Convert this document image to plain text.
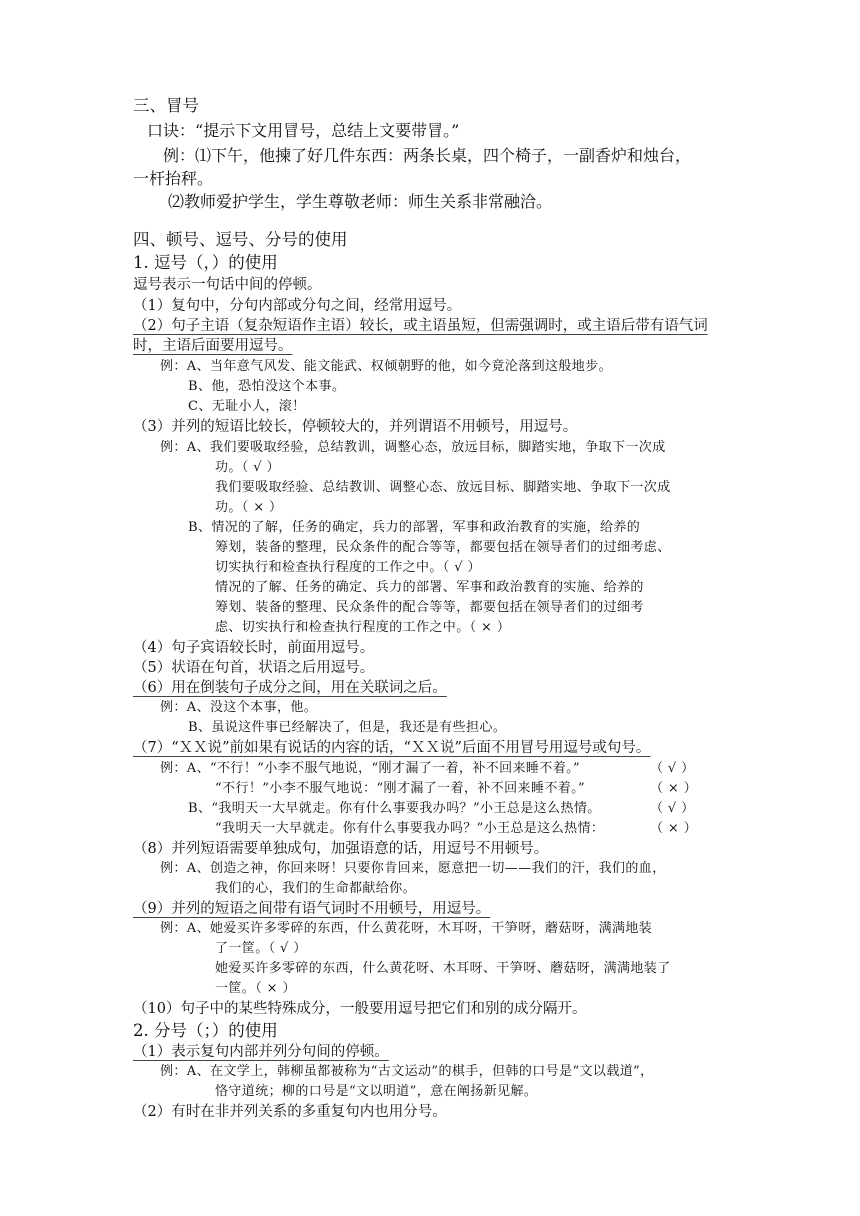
三、冒号
口诀：“提示下文用冒号，总结上文要带冒。”
例：⑴下午，他揀了好几件东西：两条长桌，四个椅子，一副香炉和烛台，
一杆抬秤。
⑵教师爱护学生，学生尊敬老师：师生关系非常融洽。
四、顿号、逗号、分号的使用
1. 逗号（，）的使用
逗号表示一句话中间的停顿。
（1）复句中，分句内部或分句之间，经常用逗号。
（2）句子主语（复杂短语作主语）较长，或主语虽短，但需强调时，或主语后带有语气词
时，主语后面要用逗号。
例：A、当年意气风发、能文能武、权倾朝野的他，如今竟沦落到这般地步。
B、他，恐怕没这个本事。
C、无耻小人，滚！
（3）并列的短语比较长，停顿较大的，并列谓语不用顿号，用逗号。
例：A、我们要吸取经验，总结教训，调整心态，放远目标，脚踏实地，争取下一次成
功。（ √ ）
我们要吸取经验、总结教训、调整心态、放远目标、脚踏实地、争取下一次成
功。（ × ）
B、情况的了解，任务的确定，兵力的部署，军事和政治教育的实施，给养的
筹划，装备的整理，民众条件的配合等等，都要包括在领导者们的过细考虑、
切实执行和检查执行程度的工作之中。（ √ ）
情况的了解、任务的确定、兵力的部署、军事和政治教育的实施、给养的
筹划、装备的整理、民众条件的配合等等，都要包括在领导者们的过细考
虑、切实执行和检查执行程度的工作之中。（ × ）
（4）句子宾语较长时，前面用逗号。
（5）状语在句首，状语之后用逗号。
（6）用在倒装句子成分之间，用在关联词之后。
例：A、没这个本事，他。
B、虽说这件事已经解决了，但是，我还是有些担心。
（7）“ＸＸ说”前如果有说话的内容的话，“ＸＸ说”后面不用冒号用逗号或句号。
例：A、“不行！”小李不服气地说，“刚才漏了一着，补不回来睡不着。”	（ √ ）
“不行！”小李不服气地说：“刚才漏了一着，补不回来睡不着。”	（ × ）
B、“我明天一大早就走。你有什么事要我办吗？”小王总是这么热情。	（ √ ）
“我明天一大早就走。你有什么事要我办吗？”小王总是这么热情：	（ × ）
（8）并列短语需要单独成句，加强语意的话，用逗号不用顿号。
例：A、创造之神，你回来呀！只要你肯回来，愿意把一切——我们的汗，我们的血，
我们的心，我们的生命都献给你。
（9）并列的短语之间带有语气词时不用顿号，用逗号。
例：A、她爱买许多零碎的东西，什么黄花呀，木耳呀，干笋呀，蘑菇呀，满满地装
了一筐。（ √ ）
她爱买许多零碎的东西，什么黄花呀、木耳呀、干笋呀、蘑菇呀，满满地装了
一筐。（ × ）
（10）句子中的某些特殊成分，一般要用逗号把它们和别的成分隔开。
2. 分号（；）的使用
（1）表示复句内部并列分句间的停顿。
例：A、在文学上，韩柳虽都被称为“古文运动”的棋手，但韩的口号是“文以载道”，
恪守道统；柳的口号是“文以明道”，意在阐扬新见解。
（2）有时在非并列关系的多重复句内也用分号。
